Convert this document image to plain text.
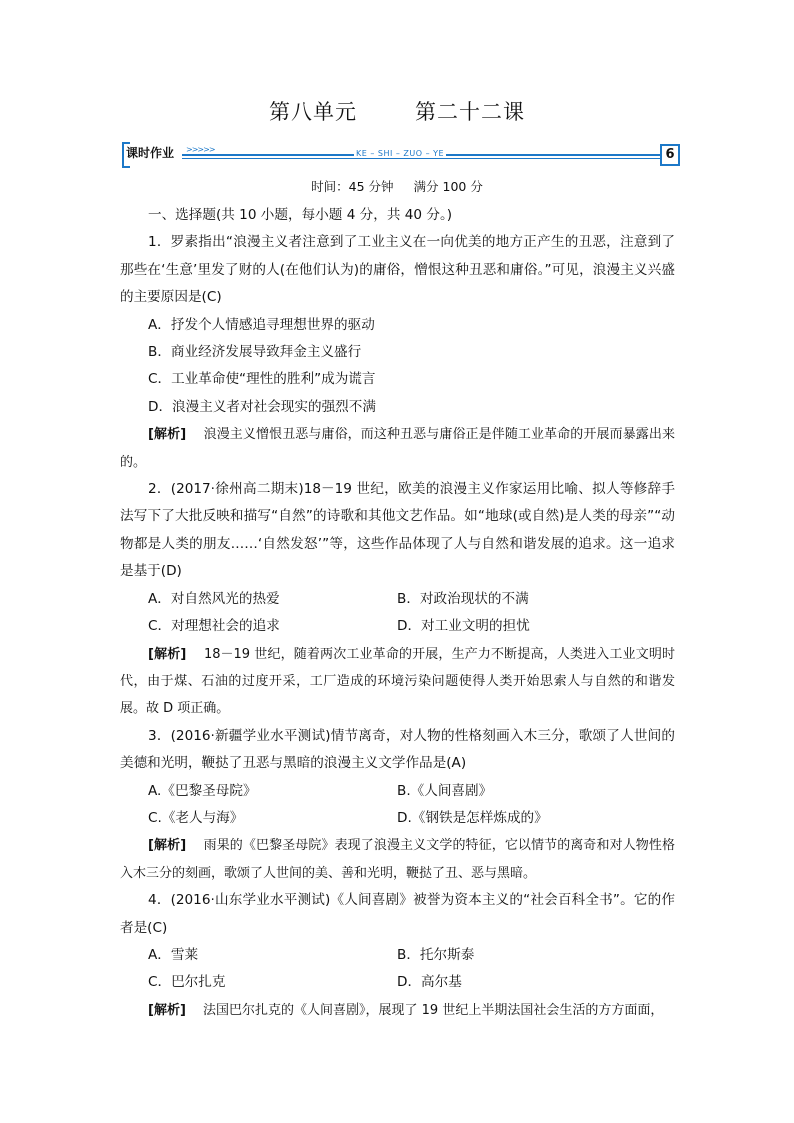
第八单元	第二十二课
课时作业 >>>>>	KE – SHI – ZUO – YE	6
时间：45 分钟 满分 100 分

一、选择题(共 10 小题，每小题 4 分，共 40 分。)

1．罗素指出“浪漫主义者注意到了工业主义在一向优美的地方正产生的丑恶，注意到了那些在‘生意’里发了财的人(在他们认为)的庸俗，憎恨这种丑恶和庸俗。”可见，浪漫主义兴盛的主要原因是(C)

A．抒发个人情感追寻理想世界的驱动

B．商业经济发展导致拜金主义盛行

C．工业革命使“理性的胜利”成为谎言

D．浪漫主义者对社会现实的强烈不满

[解析]　 浪漫主义憎恨丑恶与庸俗，而这种丑恶与庸俗正是伴随工业革命的开展而暴露出来的。

2．(2017·徐州高二期末)18－19 世纪，欧美的浪漫主义作家运用比喻、拟人等修辞手法写下了大批反映和描写“自然”的诗歌和其他文艺作品。如“地球(或自然)是人类的母亲”“动物都是人类的朋友……‘自然发怒’”等，这些作品体现了人与自然和谐发展的追求。这一追求是基于(D)

A．对自然风光的热爱	B．对政治现状的不满
C．对理想社会的追求	D．对工业文明的担忧

[解析]　 18－19 世纪，随着两次工业革命的开展，生产力不断提高，人类进入工业文明时代，由于煤、石油的过度开采，工厂造成的环境污染问题使得人类开始思索人与自然的和谐发展。故 D 项正确。

3．(2016·新疆学业水平测试)情节离奇，对人物的性格刻画入木三分，歌颂了人世间的美德和光明，鞭挞了丑恶与黑暗的浪漫主义文学作品是(A)

A.《巴黎圣母院》	B.《人间喜剧》
C.《老人与海》	D.《钢铁是怎样炼成的》

[解析]　 雨果的《巴黎圣母院》表现了浪漫主义文学的特征，它以情节的离奇和对人物性格入木三分的刻画，歌颂了人世间的美、善和光明，鞭挞了丑、恶与黑暗。

4．(2016·山东学业水平测试)《人间喜剧》被誉为资本主义的“社会百科全书”。它的作者是(C)

A．雪莱	B．托尔斯泰
C．巴尔扎克	D．高尔基

[解析]　 法国巴尔扎克的《人间喜剧》，展现了 19 世纪上半期法国社会生活的方方面面，
